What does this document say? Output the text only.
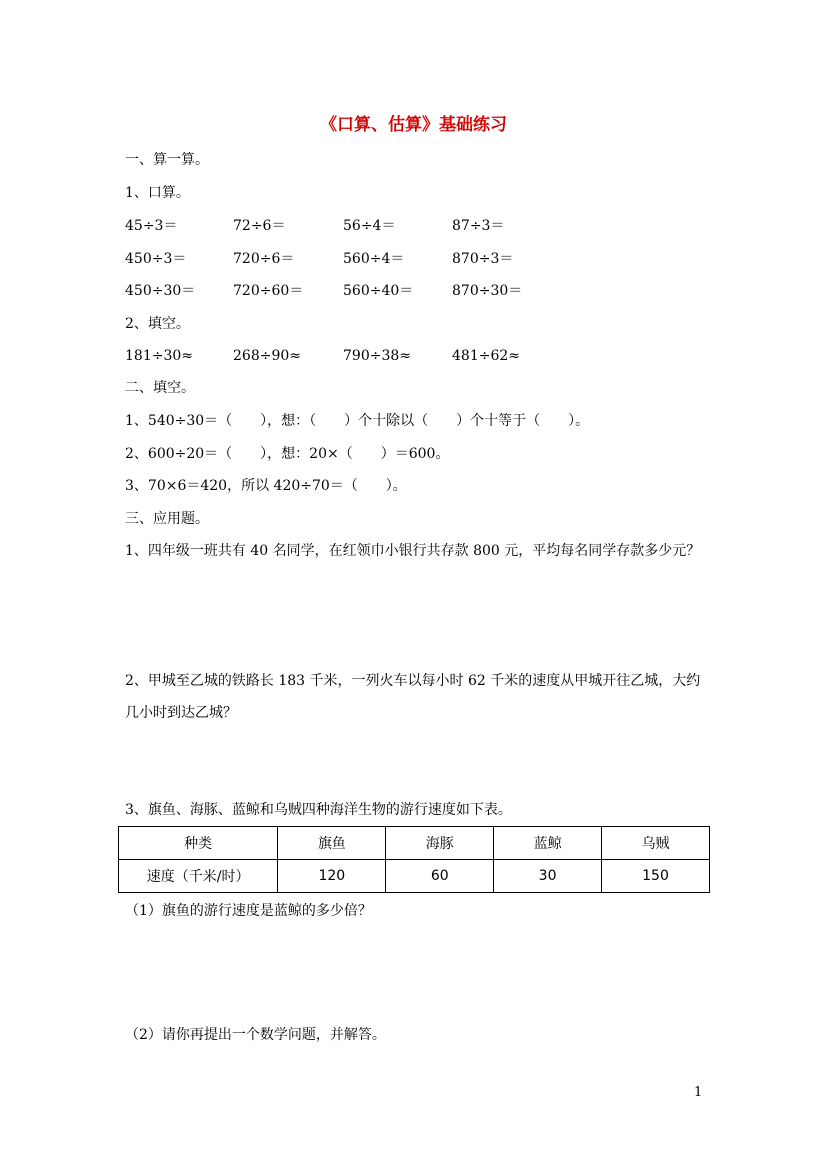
《口算、估算》基础练习
一、算一算。
1、口算。
45÷3＝	72÷6＝	56÷4＝	87÷3＝
450÷3＝	720÷6＝	560÷4＝	870÷3＝
450÷30＝	720÷60＝	560÷40＝	870÷30＝
2、填空。
181÷30≈	268÷90≈	790÷38≈	481÷62≈
二、填空。
1、540÷30＝（　　），想：（　　）个十除以（　　）个十等于（　　）。
2、600÷20＝（　　），想：20×（　　）＝600。
3、70×6＝420，所以 420÷70＝（　　）。
三、应用题。
1、四年级一班共有 40 名同学，在红领巾小银行共存款 800 元，平均每名同学存款多少元？
2、甲城至乙城的铁路长 183 千米，一列火车以每小时 62 千米的速度从甲城开往乙城，大约
几小时到达乙城？
3、旗鱼、海豚、蓝鲸和乌贼四种海洋生物的游行速度如下表。
种类	旗鱼	海豚	蓝鲸	乌贼
速度（千米/时）	120	60	30	150
（1）旗鱼的游行速度是蓝鲸的多少倍？
（2）请你再提出一个数学问题，并解答。
1
